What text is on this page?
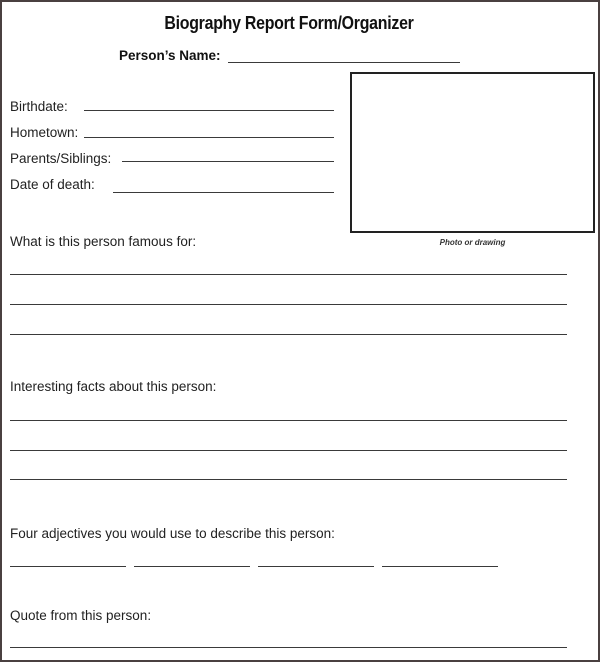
Biography Report Form/Organizer
Person’s Name:
Birthdate:
Hometown:
Parents/Siblings:
Date of death:
Photo or drawing
What is this person famous for:
Interesting facts about this person:
Four adjectives you would use to describe this person:
Quote from this person:
